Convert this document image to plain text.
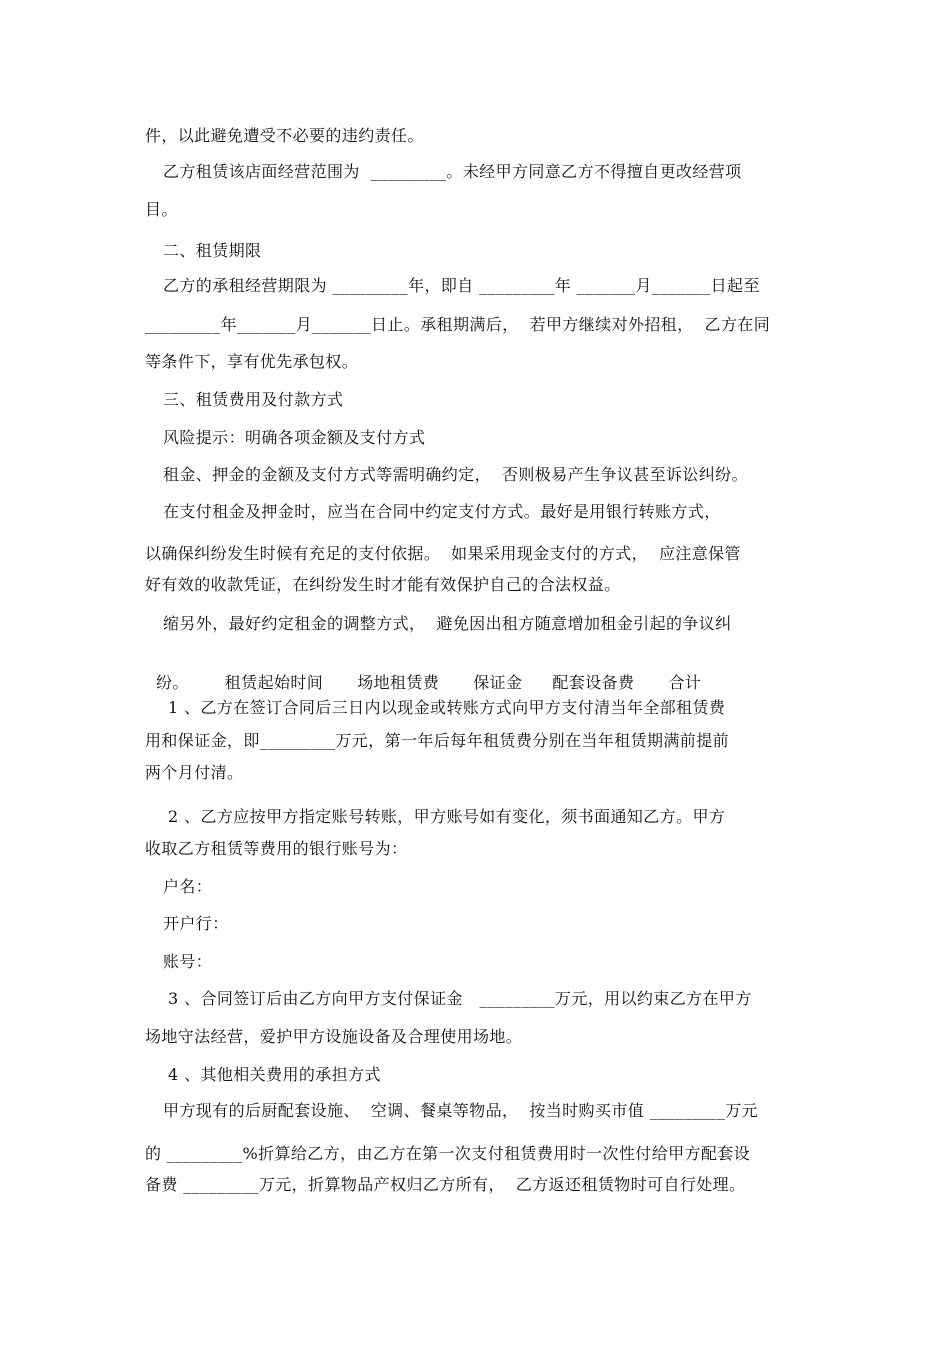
件，以此避免遭受不必要的违约责任。
乙方租赁该店面经营范围为  _________。未经甲方同意乙方不得擅自更改经营项
目。
二、租赁期限
乙方的承租经营期限为 _________年，即自 _________年 _______月_______日起至
_________年_______月_______日止。承租期满后，  若甲方继续对外招租，  乙方在同
等条件下，享有优先承包权。
三、租赁费用及付款方式
风险提示：明确各项金额及支付方式
租金、押金的金额及支付方式等需明确约定，  否则极易产生争议甚至诉讼纠纷。
在支付租金及押金时，应当在合同中约定支付方式。最好是用银行转账方式，
以确保纠纷发生时候有充足的支付依据。  如果采用现金支付的方式，  应注意保管
好有效的收款凭证，在纠纷发生时才能有效保护自己的合法权益。
缩另外，最好约定租金的调整方式，  避免因出租方随意增加租金引起的争议纠

纷。 租赁起始时间 场地租赁费 保证金 配套设备费 合计

1 、乙方在签订合同后三日内以现金或转账方式向甲方支付清当年全部租赁费
用和保证金，即_________万元，第一年后每年租赁费分别在当年租赁期满前提前
两个月付清。
2 、乙方应按甲方指定账号转账，甲方账号如有变化，须书面通知乙方。甲方
收取乙方租赁等费用的银行账号为：
户名：
开户行：
账号：
3 、合同签订后由乙方向甲方支付保证金   _________万元，用以约束乙方在甲方
场地守法经营，爱护甲方设施设备及合理使用场地。
4 、其他相关费用的承担方式
甲方现有的后厨配套设施、  空调、餐桌等物品，  按当时购买市值 _________万元
的 _________%折算给乙方，由乙方在第一次支付租赁费用时一次性付给甲方配套设
备费 _________万元，折算物品产权归乙方所有，  乙方返还租赁物时可自行处理。
